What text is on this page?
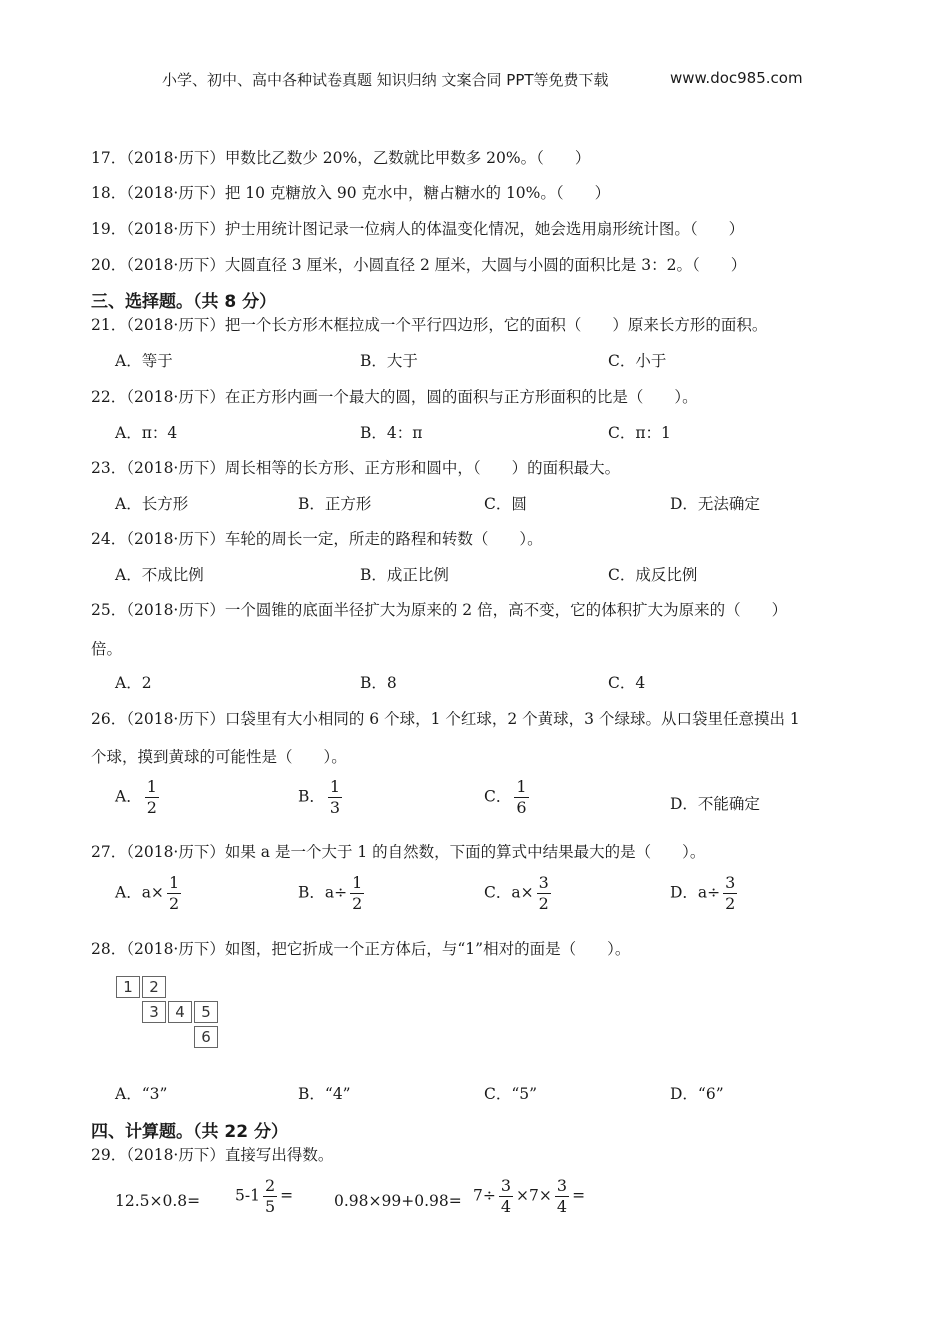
小学、初中、高中各种试卷真题 知识归纳 文案合同 PPT等免费下载	www.doc985.com
17．（2018·历下）甲数比乙数少 20%，乙数就比甲数多 20%。（　　）
18．（2018·历下）把 10 克糖放入 90 克水中，糖占糖水的 10%。（　　）
19．（2018·历下）护士用统计图记录一位病人的体温变化情况，她会选用扇形统计图。（　　）
20．（2018·历下）大圆直径 3 厘米，小圆直径 2 厘米，大圆与小圆的面积比是 3：2。（　　）
三、选择题。（共 8 分）
21．（2018·历下）把一个长方形木框拉成一个平行四边形，它的面积（　　）原来长方形的面积。
A．等于	B．大于	C．小于
22．（2018·历下）在正方形内画一个最大的圆，圆的面积与正方形面积的比是（　　）。
A．π：4	B．4：π	C．π：1
23．（2018·历下）周长相等的长方形、正方形和圆中，（　　）的面积最大。
A．长方形	B．正方形	C．圆	D．无法确定
24．（2018·历下）车轮的周长一定，所走的路程和转数（　　）。
A．不成比例	B．成正比例	C．成反比例
25．（2018·历下）一个圆锥的底面半径扩大为原来的 2 倍，高不变，它的体积扩大为原来的（　　）
倍。
A．2	B．8	C．4
26．（2018·历下）口袋里有大小相同的 6 个球，1 个红球，2 个黄球，3 个绿球。从口袋里任意摸出 1
个球，摸到黄球的可能性是（　　）。
A． $\frac{1}{2}$	B． $\frac{1}{3}$	C． $\frac{1}{6}$	D．不能确定
27．（2018·历下）如果 a 是一个大于 1 的自然数，下面的算式中结果最大的是（　　）。
A．$a\times \frac{1}{2}$	B．$a\div \frac{1}{2}$	C．$a\times \frac{3}{2}$	D．$a\div \frac{3}{2}$
28．（2018·历下）如图，把它折成一个正方体后，与“1”相对的面是（　　）。
1	2
3	4	5
6
A．“3”	B．“4”	C．“5”	D．“6”
四、计算题。（共 22 分）
29．（2018·历下）直接写出得数。
$12.5\times 0.8= 5-1 \frac{2}{5}$ =	$0.98\times 99+0.98= 7\div \frac{3}{4} \times 7\times \frac{3}{4}$ =
